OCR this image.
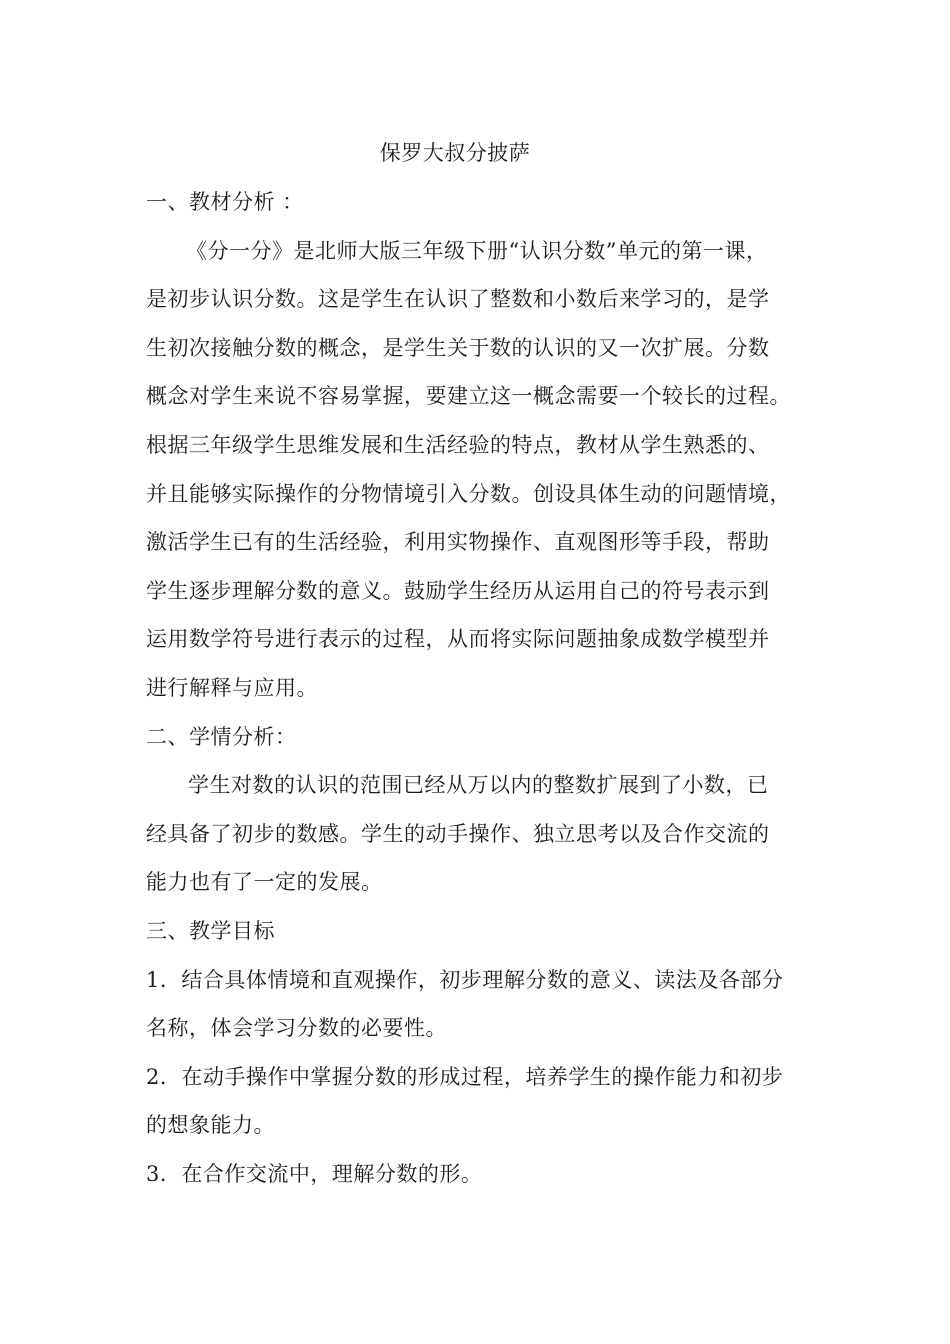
保罗大叔分披萨
一、教材分析 ：
《分一分》是北师大版三年级下册“认识分数”单元的第一课，
是初步认识分数。这是学生在认识了整数和小数后来学习的，是学
生初次接触分数的概念，是学生关于数的认识的又一次扩展。分数
概念对学生来说不容易掌握，要建立这一概念需要一个较长的过程。
根据三年级学生思维发展和生活经验的特点，教材从学生熟悉的、
并且能够实际操作的分物情境引入分数。创设具体生动的问题情境，
激活学生已有的生活经验，利用实物操作、直观图形等手段，帮助
学生逐步理解分数的意义。鼓励学生经历从运用自己的符号表示到
运用数学符号进行表示的过程，从而将实际问题抽象成数学模型并
进行解释与应用。
二、学情分析：
学生对数的认识的范围已经从万以内的整数扩展到了小数，已
经具备了初步的数感。学生的动手操作、独立思考以及合作交流的
能力也有了一定的发展。
三、教学目标
1．结合具体情境和直观操作，初步理解分数的意义、读法及各部分
名称，体会学习分数的必要性。
2．在动手操作中掌握分数的形成过程，培养学生的操作能力和初步
的想象能力。
3．在合作交流中，理解分数的形。
